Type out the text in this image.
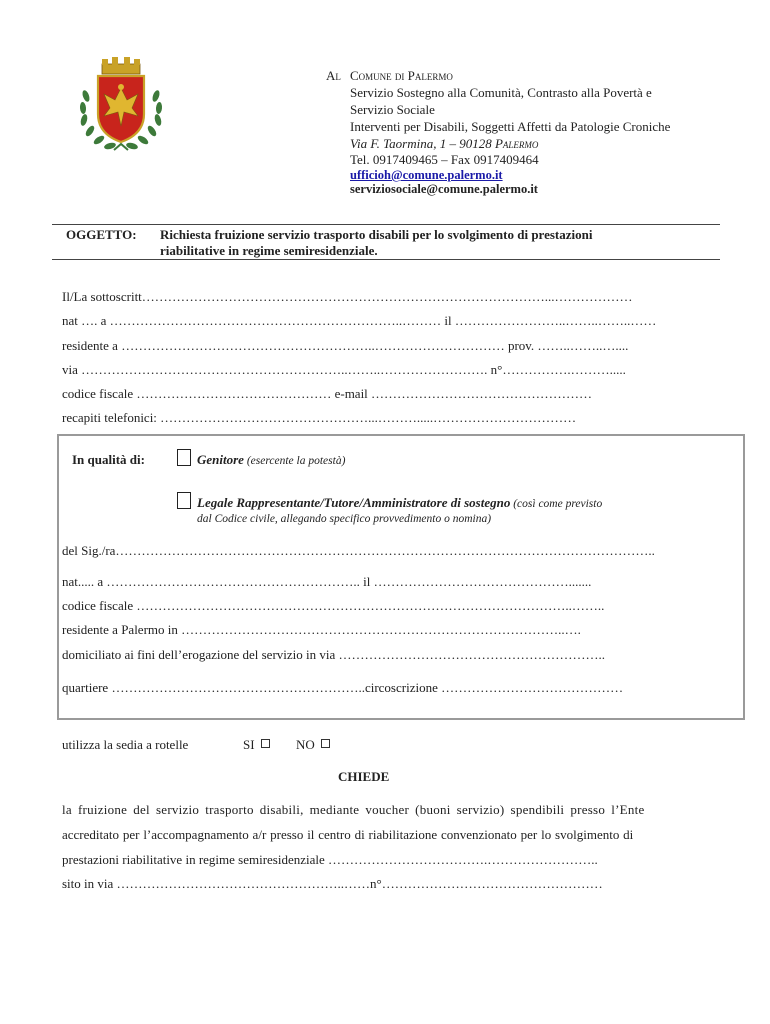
Al Comune di Palermo
Servizio Sostegno alla Comunità, Contrasto alla Povertà e
Servizio Sociale
Interventi per Disabili, Soggetti Affetti da Patologie Croniche
Via F. Taormina, 1 – 90128 Palermo
Tel. 0917409465 – Fax 0917409464
ufficioh@comune.palermo.it
serviziosociale@comune.palermo.it
OGGETTO: Richiesta fruizione servizio trasporto disabili per lo svolgimento di prestazioni
riabilitative in regime semiresidenziale.
Il/La sottoscritt…………………………………………………………………………………...………………
nat …. a …………………………………………………………..……… il ……………………..……..……..……
residente a …………………………………………………..………………………… prov. ……..……..…....
via ……………………………………………………..……..……………………. n°…………….……….....
codice fiscale ……………………………………… e-mail ……………………………………………
recapiti telefonici: …………………………………………...……….....……………………………
In qualità di:	Genitore (esercente la potestà)
Legale Rappresentante/Tutore/Amministratore di sostegno (così come previsto
dal Codice civile, allegando specifico provvedimento o nomina)
del Sig./ra……………………………………………………………………………………………………………..
nat..... a ………………………………………………….. il ……………………………………….......
codice fiscale ………………………………………………………………………………………..……..
residente a Palermo in ……………………………………………………………………………..….
domiciliato ai fini dell’erogazione del servizio in via ……………………………………………………..
quartiere …………………………………………………..circoscrizione ……………………………………
utilizza la sedia a rotelle	SI	NO
CHIEDE
la fruizione del servizio trasporto disabili, mediante voucher (buoni servizio) spendibili presso l’Ente
accreditato per l’accompagnamento a/r presso il centro di riabilitazione convenzionato per lo svolgimento di
prestazioni riabilitative in regime semiresidenziale ……………………………….……………………..
sito in via ……………………………………………..……n°……………………………………………
